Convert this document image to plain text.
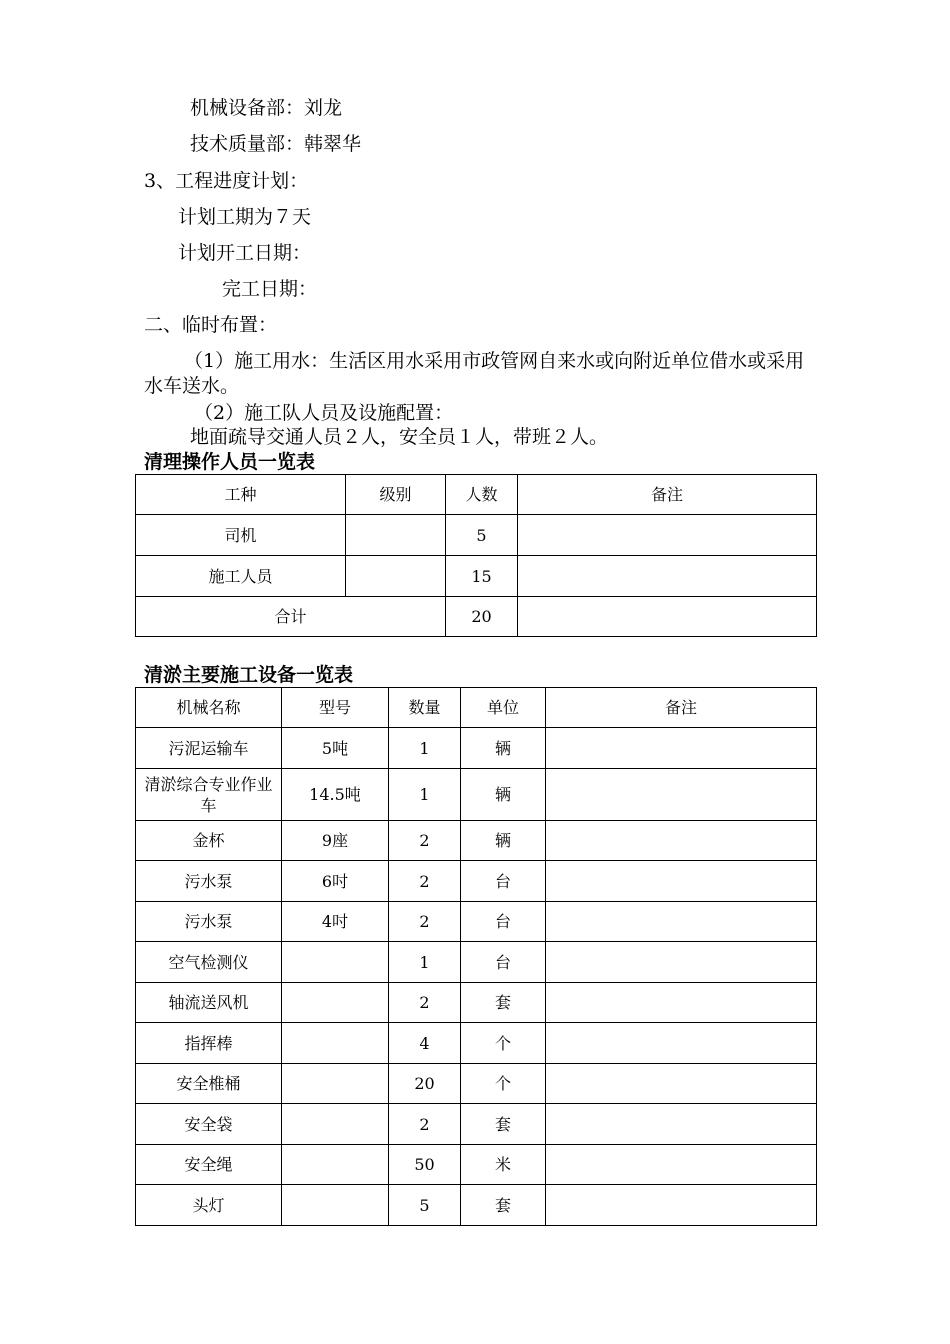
机械设备部：刘龙
技术质量部：韩翠华
3、工程进度计划：
计划工期为７天
计划开工日期：
完工日期：
二、临时布置：
（1）施工用水：生活区用水采用市政管网自来水或向附近单位借水或采用水车送水。
（2）施工队人员及设施配置：
地面疏导交通人员２人，安全员１人，带班２人。
清理操作人员一览表
工种	级别	人数	备注
司机		5	
施工人员		15	
合计		20	
清淤主要施工设备一览表
机械名称	型号	数量	单位	备注
污泥运输车	5吨	1	辆	
清淤综合专业作业车	14.5吨	1	辆	
金杯	9座	2	辆	
污水泵	6吋	2	台	
污水泵	4吋	2	台	
空气检测仪		1	台	
轴流送风机		2	套	
指挥棒		4	个	
安全椎桶		20	个	
安全袋		2	套	
安全绳		50	米	
头灯		5	套	
